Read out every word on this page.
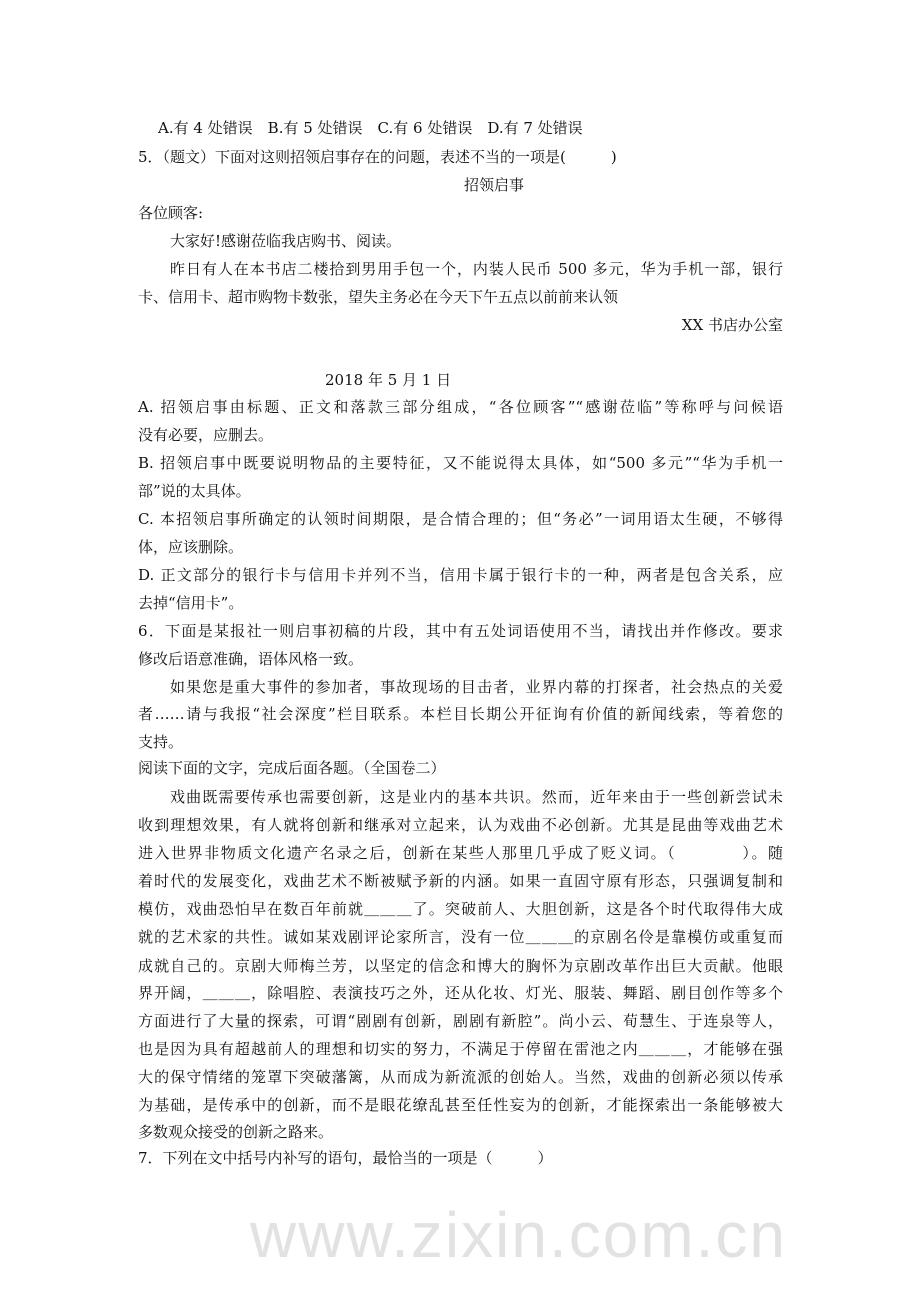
www.zixin.com.cn
A.有 4 处错误　B.有 5 处错误　C.有 6 处错误　D.有 7 处错误
5．（题文）下面对这则招领启事存在的问题，表述不当的一项是(　　　)
招领启事
各位顾客:
大家好!感谢莅临我店购书、阅读。
昨日有人在本书店二楼拾到男用手包一个，内装人民币 500 多元，华为手机一部，银行
卡、信用卡、超市购物卡数张，望失主务必在今天下午五点以前前来认领
XX 书店办公室
2018 年 5 月 1 日
A. 招领启事由标题、正文和落款三部分组成，“各位顾客”“感谢莅临”等称呼与问候语
没有必要，应删去。
B. 招领启事中既要说明物品的主要特征，又不能说得太具体，如“500 多元”“华为手机一
部”说的太具体。
C. 本招领启事所确定的认领时间期限，是合情合理的；但“务必”一词用语太生硬，不够得
体，应该删除。
D. 正文部分的银行卡与信用卡并列不当，信用卡属于银行卡的一种，两者是包含关系，应
去掉“信用卡”。
6．下面是某报社一则启事初稿的片段，其中有五处词语使用不当，请找出并作修改。要求
修改后语意准确，语体风格一致。
如果您是重大事件的参加者，事故现场的目击者，业界内幕的打探者，社会热点的关爱
者……请与我报“社会深度”栏目联系。本栏目长期公开征询有价值的新闻线索，等着您的
支持。
阅读下面的文字，完成后面各题。（全国卷二）
戏曲既需要传承也需要创新，这是业内的基本共识。然而，近年来由于一些创新尝试未
收到理想效果，有人就将创新和继承对立起来，认为戏曲不必创新。尤其是昆曲等戏曲艺术
进入世界非物质文化遗产名录之后，创新在某些人那里几乎成了贬义词。（　　　　）。随
着时代的发展变化，戏曲艺术不断被赋予新的内涵。如果一直固守原有形态，只强调复制和
模仿，戏曲恐怕早在数百年前就＿＿＿了。突破前人、大胆创新，这是各个时代取得伟大成
就的艺术家的共性。诚如某戏剧评论家所言，没有一位＿＿＿的京剧名伶是靠模仿或重复而
成就自己的。京剧大师梅兰芳，以坚定的信念和博大的胸怀为京剧改革作出巨大贡献。他眼
界开阔，＿＿＿，除唱腔、表演技巧之外，还从化妆、灯光、服装、舞蹈、剧目创作等多个
方面进行了大量的探索，可谓“剧剧有创新，剧剧有新腔”。尚小云、荀慧生、于连泉等人，
也是因为具有超越前人的理想和切实的努力，不满足于停留在雷池之内＿＿＿，才能够在强
大的保守情绪的笼罩下突破藩篱，从而成为新流派的创始人。当然，戏曲的创新必须以传承
为基础，是传承中的创新，而不是眼花缭乱甚至任性妄为的创新，才能探索出一条能够被大
多数观众接受的创新之路来。
7．下列在文中括号内补写的语句，最恰当的一项是（　　　）
